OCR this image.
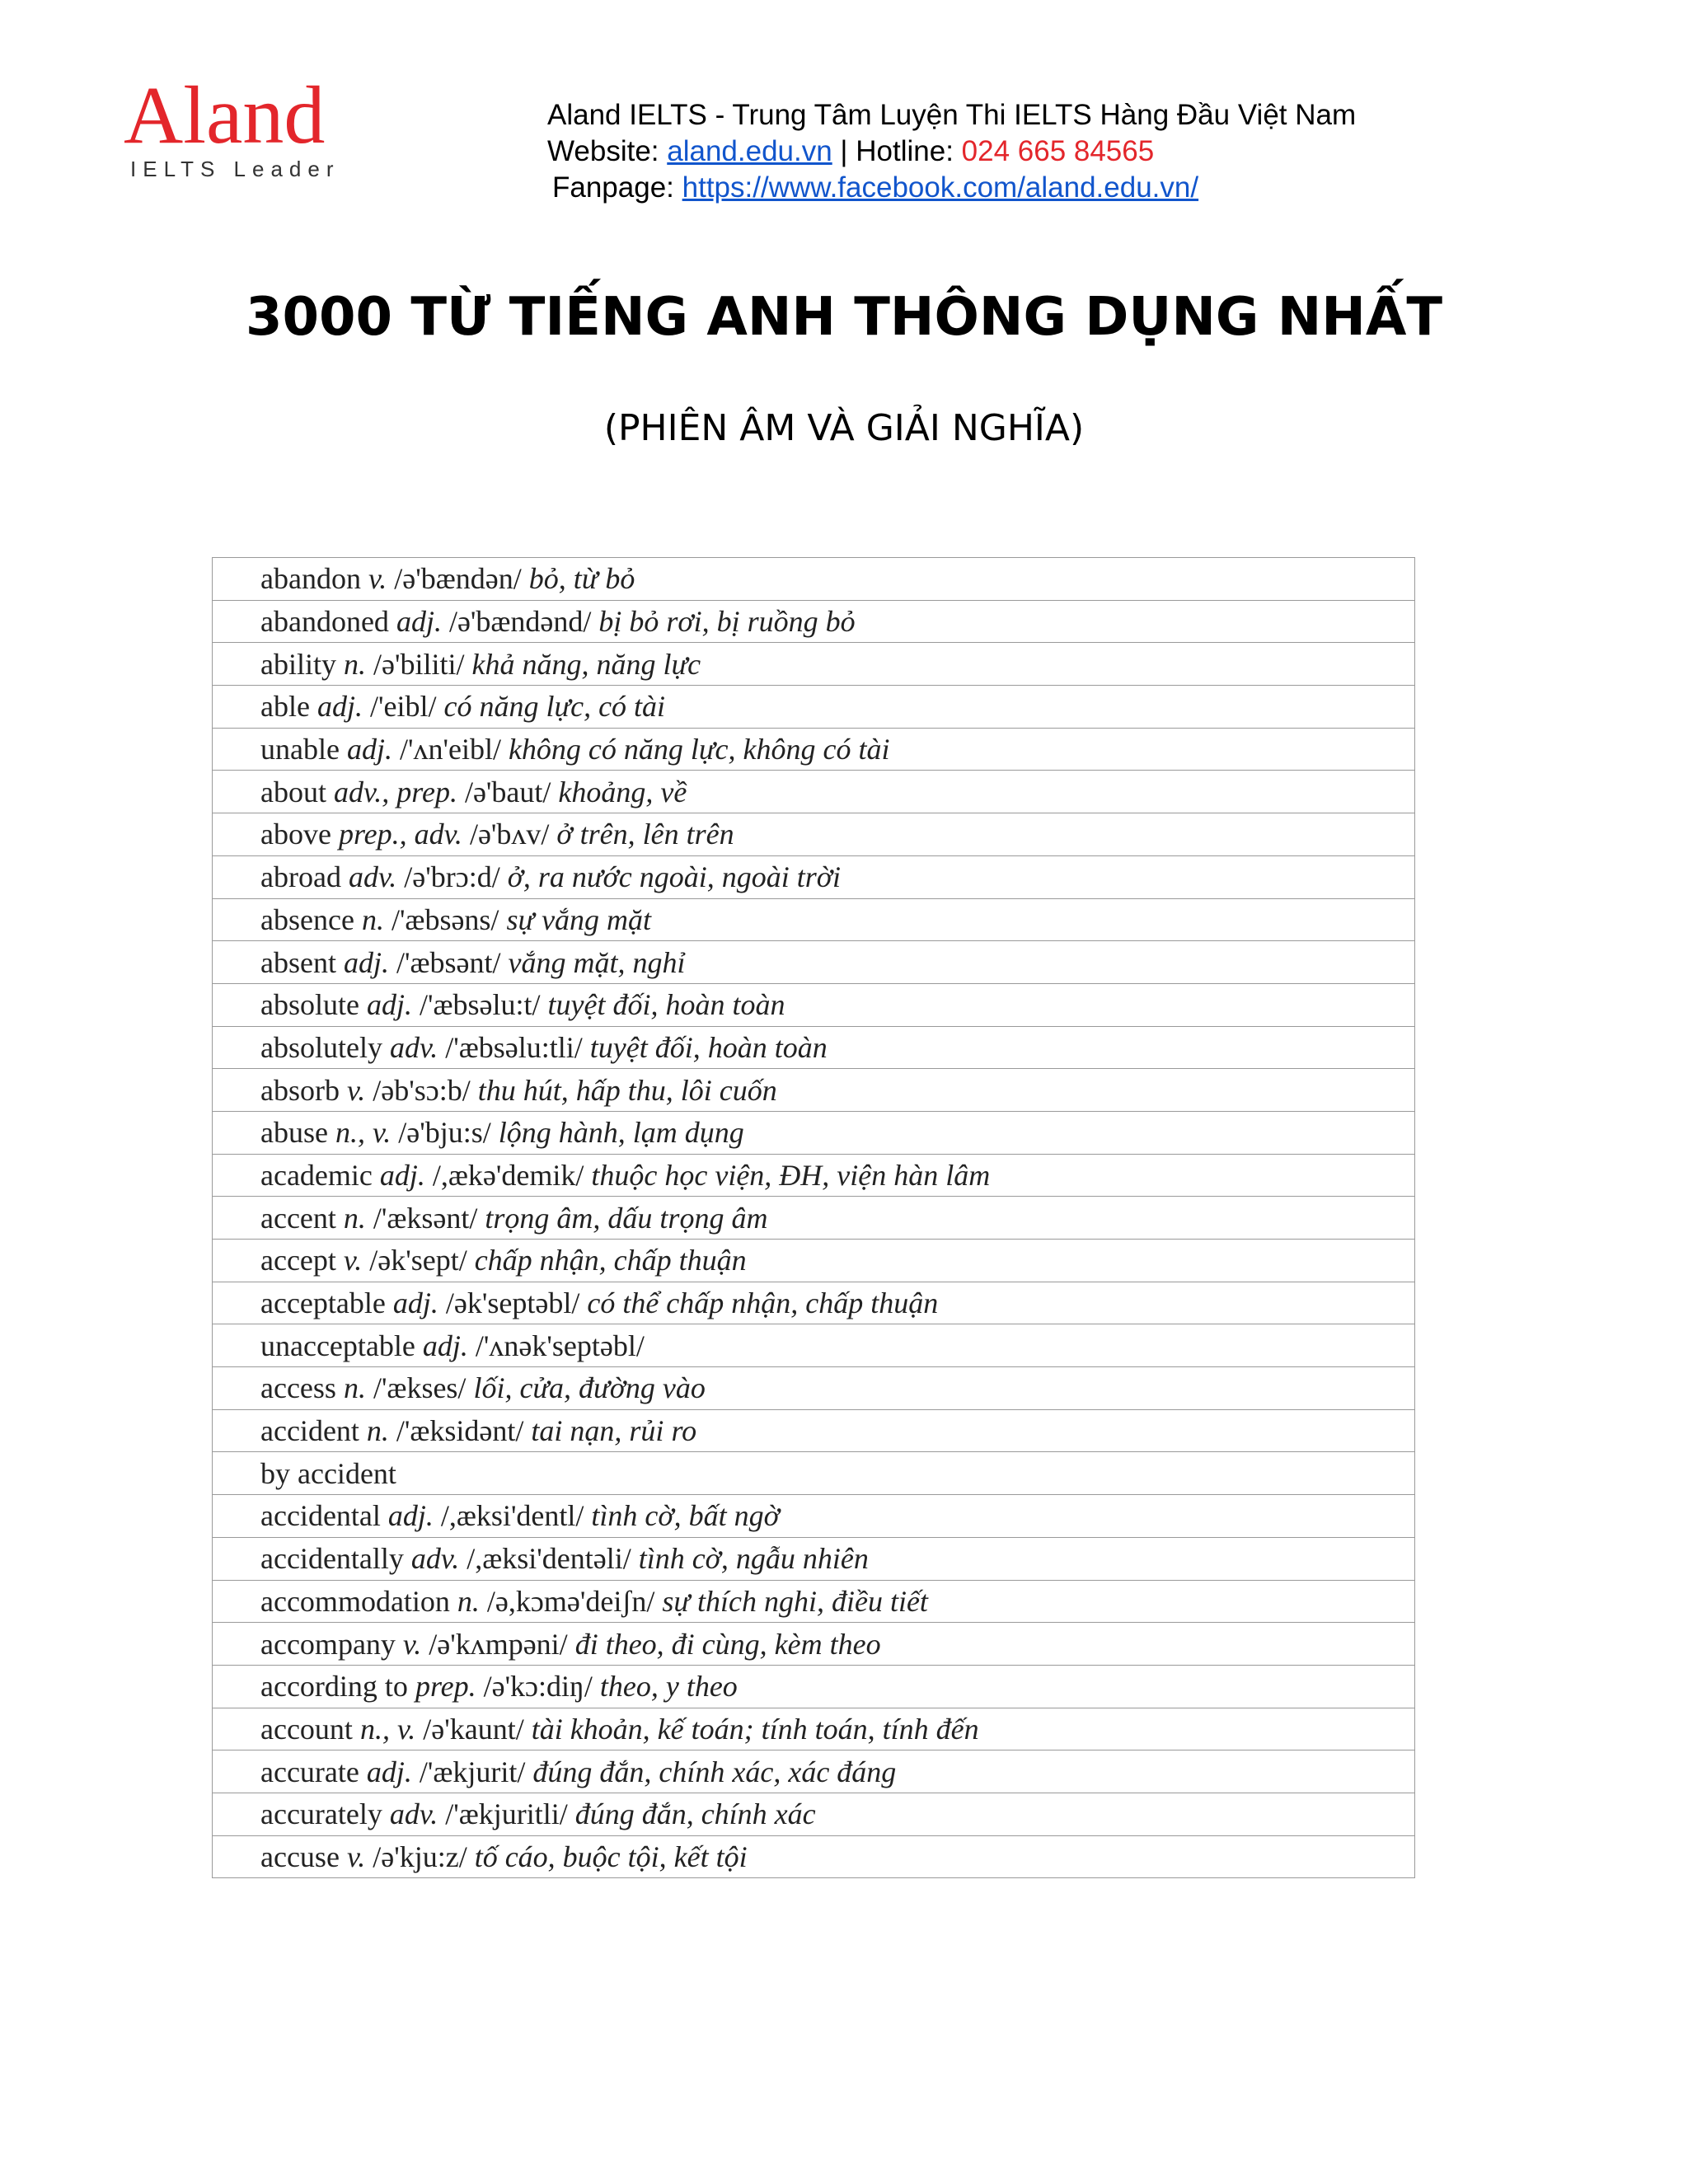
Aland
IELTS Leader
Aland IELTS - Trung Tâm Luyện Thi IELTS Hàng Đầu Việt Nam
Website: aland.edu.vn | Hotline: 024 665 84565
Fanpage: https://www.facebook.com/aland.edu.vn/
3000 TỪ TIẾNG ANH THÔNG DỤNG NHẤT
(PHIÊN ÂM VÀ GIẢI NGHĨA)
abandon v. /ə'bændən/ bỏ, từ bỏ
abandoned adj. /ə'bændənd/ bị bỏ rơi, bị ruồng bỏ
ability n. /ə'biliti/ khả năng, năng lực
able adj. /'eibl/ có năng lực, có tài
unable adj. /'ʌn'eibl/ không có năng lực, không có tài
about adv., prep. /ə'baut/ khoảng, về
above prep., adv. /ə'bʌv/ ở trên, lên trên
abroad adv. /ə'brɔ:d/ ở, ra nước ngoài, ngoài trời
absence n. /'æbsəns/ sự vắng mặt
absent adj. /'æbsənt/ vắng mặt, nghỉ
absolute adj. /'æbsəlu:t/ tuyệt đối, hoàn toàn
absolutely adv. /'æbsəlu:tli/ tuyệt đối, hoàn toàn
absorb v. /əb'sɔ:b/ thu hút, hấp thu, lôi cuốn
abuse n., v. /ə'bju:s/ lộng hành, lạm dụng
academic adj. /,ækə'demik/ thuộc học viện, ĐH, viện hàn lâm
accent n. /'æksənt/ trọng âm, dấu trọng âm
accept v. /ək'sept/ chấp nhận, chấp thuận
acceptable adj. /ək'septəbl/ có thể chấp nhận, chấp thuận
unacceptable adj. /'ʌnək'septəbl/
access n. /'ækses/ lối, cửa, đường vào
accident n. /'æksidənt/ tai nạn, rủi ro
by accident
accidental adj. /,æksi'dentl/ tình cờ, bất ngờ
accidentally adv. /,æksi'dentəli/ tình cờ, ngẫu nhiên
accommodation n. /ə,kɔmə'deiʃn/ sự thích nghi, điều tiết
accompany v. /ə'kʌmpəni/ đi theo, đi cùng, kèm theo
according to prep. /ə'kɔ:diŋ/ theo, y theo
account n., v. /ə'kaunt/ tài khoản, kế toán; tính toán, tính đến
accurate adj. /'ækjurit/ đúng đắn, chính xác, xác đáng
accurately adv. /'ækjuritli/ đúng đắn, chính xác
accuse v. /ə'kju:z/ tố cáo, buộc tội, kết tội
